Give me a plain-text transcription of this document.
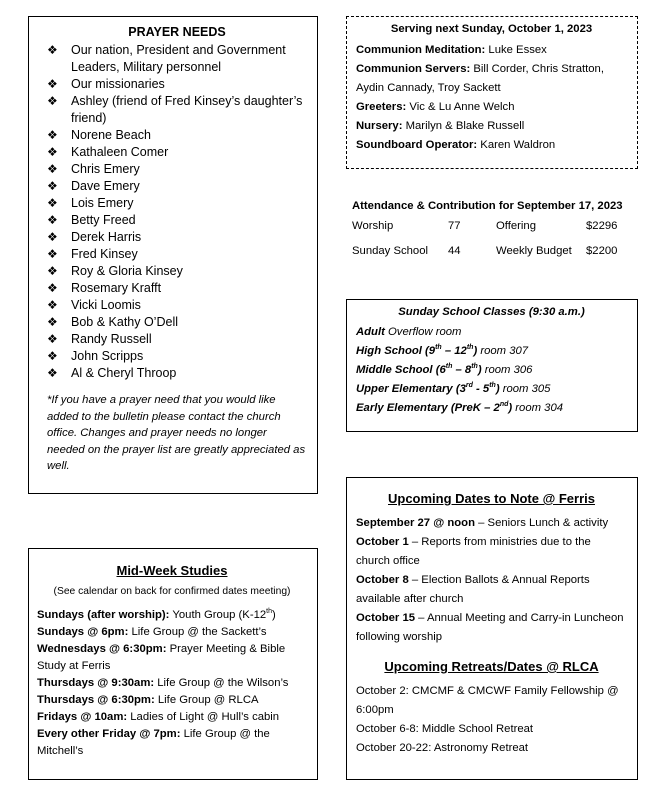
PRAYER NEEDS
❖ Our nation, President and Government Leaders, Military personnel
❖ Our missionaries
❖ Ashley (friend of Fred Kinsey’s daughter’s friend)
❖ Norene Beach
❖ Kathaleen Comer
❖ Chris Emery
❖ Dave Emery
❖ Lois Emery
❖ Betty Freed
❖ Derek Harris
❖ Fred Kinsey
❖ Roy & Gloria Kinsey
❖ Rosemary Krafft
❖ Vicki Loomis
❖ Bob & Kathy O’Dell
❖ Randy Russell
❖ John Scripps
❖ Al & Cheryl Throop
*If you have a prayer need that you would like added to the bulletin please contact the church office. Changes and prayer needs no longer needed on the prayer list are greatly appreciated as well.
Serving next Sunday, October 1, 2023
Communion Meditation: Luke Essex
Communion Servers: Bill Corder, Chris Stratton, Aydin Cannady, Troy Sackett
Greeters: Vic & Lu Anne Welch
Nursery: Marilyn & Blake Russell
Soundboard Operator: Karen Waldron
Attendance & Contribution for September 17, 2023
Worship	77	Offering	$2296
Sunday School	44	Weekly Budget	$2200
Sunday School Classes (9:30 a.m.)
Adult Overflow room
High School (9th – 12th) room 307
Middle School (6th – 8th) room 306
Upper Elementary (3rd - 5th) room 305
Early Elementary (PreK – 2nd) room 304
Mid-Week Studies
(See calendar on back for confirmed dates meeting)
Sundays (after worship): Youth Group (K-12th)
Sundays @ 6pm: Life Group @ the Sackett’s
Wednesdays @ 6:30pm: Prayer Meeting & Bible Study at Ferris
Thursdays @ 9:30am: Life Group @ the Wilson’s
Thursdays @ 6:30pm: Life Group @ RLCA
Fridays @ 10am: Ladies of Light @ Hull’s cabin
Every other Friday @ 7pm: Life Group @ the Mitchell’s
Upcoming Dates to Note @ Ferris
September 27 @ noon – Seniors Lunch & activity
October 1 – Reports from ministries due to the church office
October 8 – Election Ballots & Annual Reports available after church
October 15 – Annual Meeting and Carry-in Luncheon following worship
Upcoming Retreats/Dates @ RLCA
October 2: CMCMF & CMCWF Family Fellowship @ 6:00pm
October 6-8: Middle School Retreat
October 20-22: Astronomy Retreat
